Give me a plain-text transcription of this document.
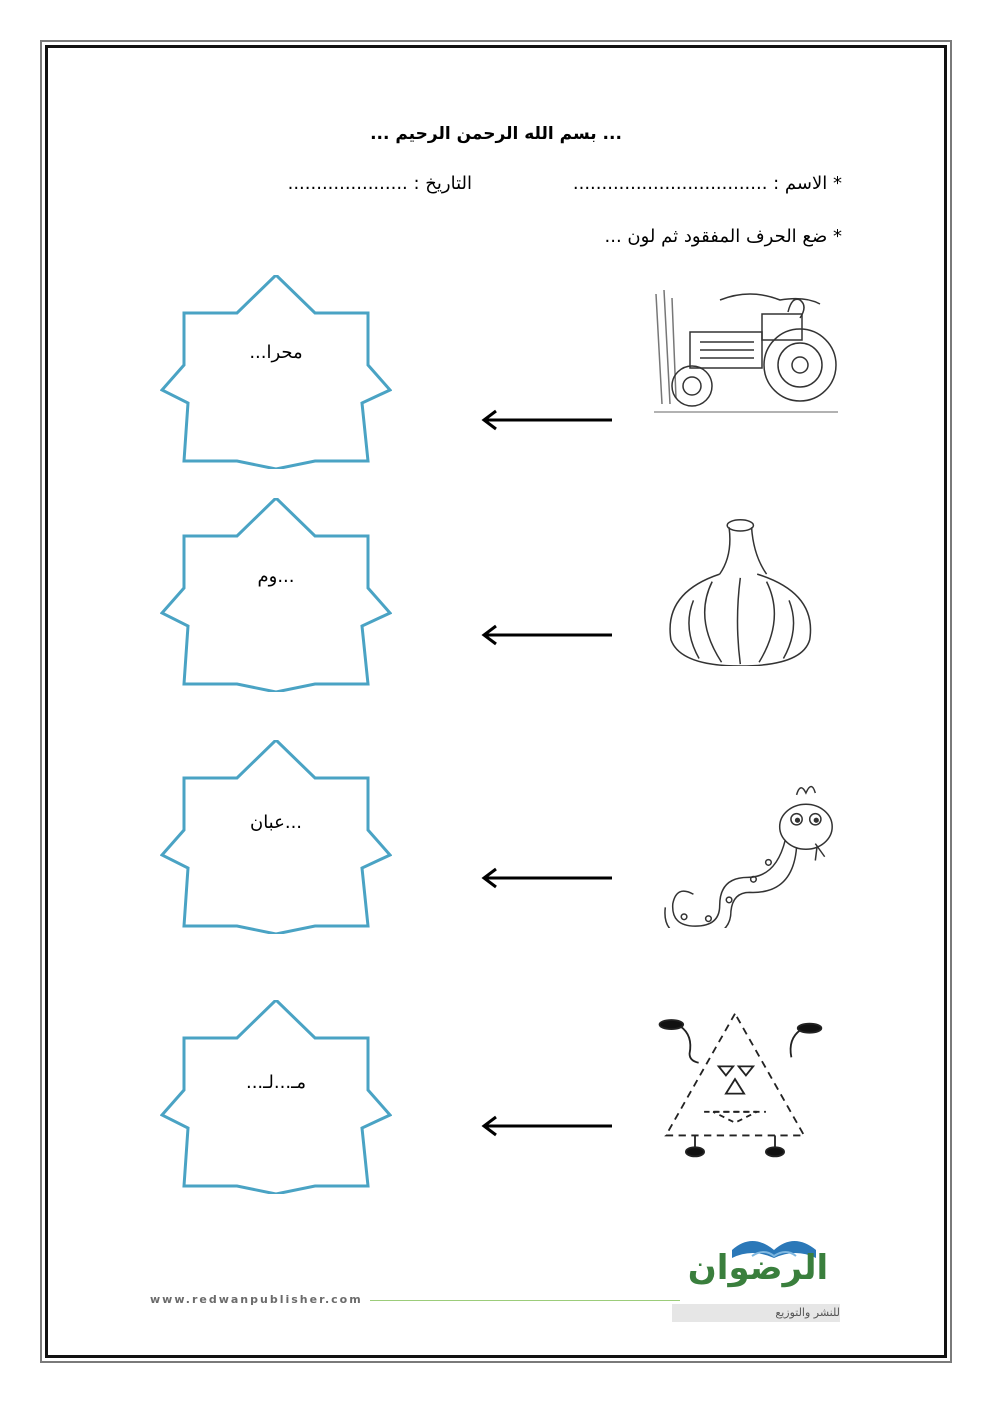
... بسم الله الرحمن الرحيم ...
* الاسم : ..................................
التاريخ : .....................
* ضع الحرف المفقود ثم لون ...
محرا...
...وم
...عبان
مـ...لـ...
www.redwanpublisher.com
الرضوان
للنشر والتوزيع
